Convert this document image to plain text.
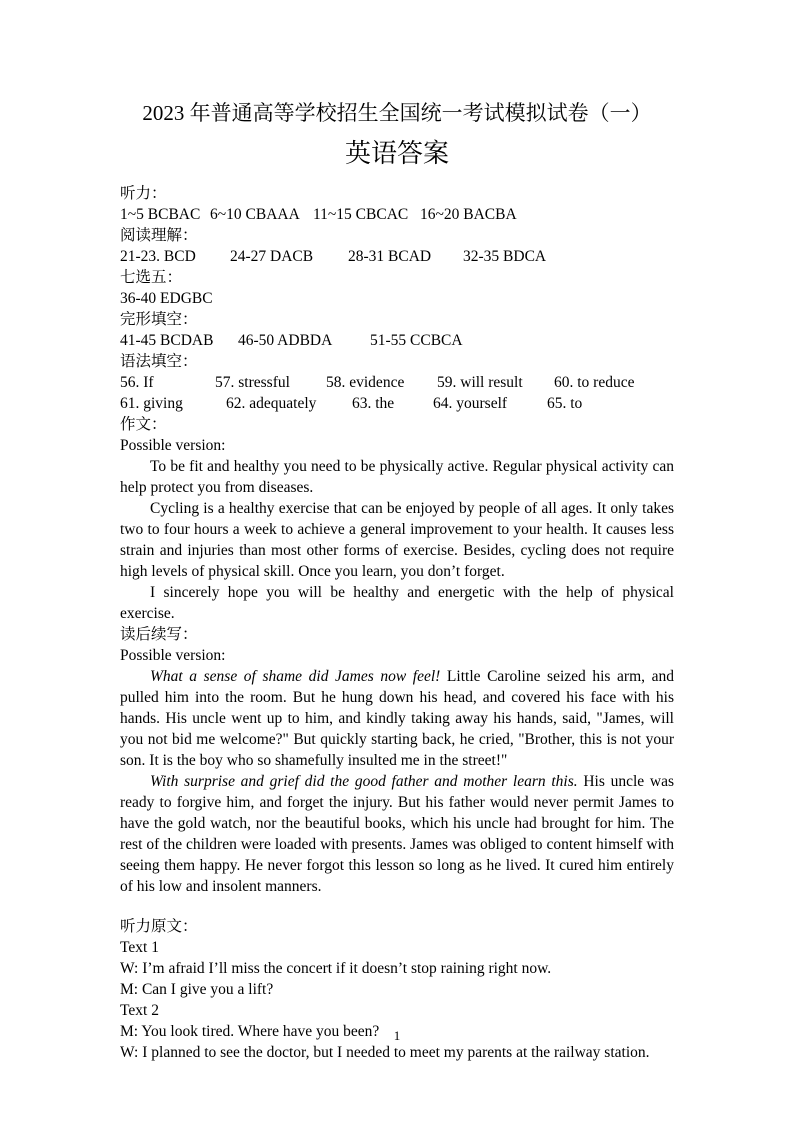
2023 年普通高等学校招生全国统一考试模拟试卷（一）
英语答案
听力：
1~5 BCBAC 6~10 CBAAA 11~15 CBCAC 16~20 BACBA
阅读理解：
21-23. BCD 24-27 DACB 28-31 BCAD 32-35 BDCA
七选五：
36-40 EDGBC
完形填空：
41-45 BCDAB 46-50 ADBDA 51-55 CCBCA
语法填空：
56. If	57. stressful 58. evidence 59. will result 60. to reduce
61. giving	62. adequately 63. the	64. yourself	65. to
作文：
Possible version:

To be fit and healthy you need to be physically active. Regular physical activity can help protect you from diseases.

Cycling is a healthy exercise that can be enjoyed by people of all ages. It only takes two to four hours a week to achieve a general improvement to your health. It causes less strain and injuries than most other forms of exercise. Besides, cycling does not require high levels of physical skill. Once you learn, you don’t forget.

I sincerely hope you will be healthy and energetic with the help of physical exercise.

读后续写：
Possible version:

What a sense of shame did James now feel! Little Caroline seized his arm, and pulled him into the room. But he hung down his head, and covered his face with his hands. His uncle went up to him, and kindly taking away his hands, said, "James, will you not bid me welcome?" But quickly starting back, he cried, "Brother, this is not your son. It is the boy who so shamefully insulted me in the street!"

With surprise and grief did the good father and mother learn this. His uncle was ready to forgive him, and forget the injury. But his father would never permit James to have the gold watch, nor the beautiful books, which his uncle had brought for him. The rest of the children were loaded with presents. James was obliged to content himself with seeing them happy. He never forgot this lesson so long as he lived. It cured him entirely of his low and insolent manners.

听力原文：
Text 1
W: I’m afraid I’ll miss the concert if it doesn’t stop raining right now.
M: Can I give you a lift?
Text 2
M: You look tired. Where have you been?
W: I planned to see the doctor, but I needed to meet my parents at the railway station.
1
